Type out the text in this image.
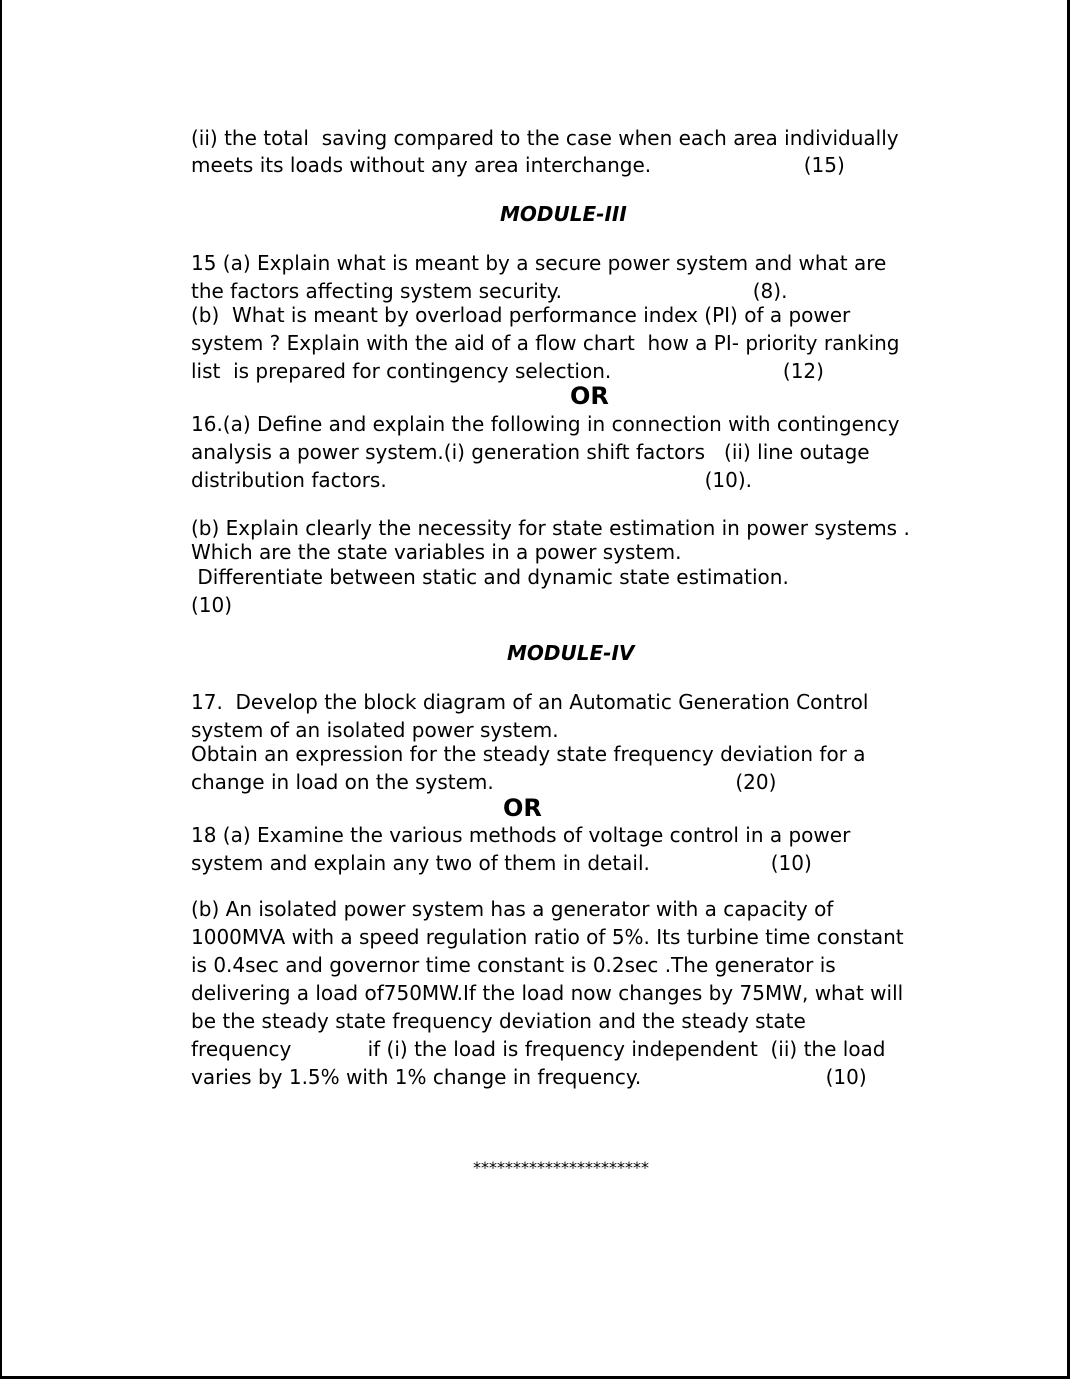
(ii) the total  saving compared to the case when each area individually
meets its loads without any area interchange.                        (15)
MODULE-III
15 (a) Explain what is meant by a secure power system and what are
the factors affecting system security.                              (8).
(b)  What is meant by overload performance index (PI) of a power
system ? Explain with the aid of a flow chart  how a PI- priority ranking
list  is prepared for contingency selection.                           (12)
OR
16.(a) Define and explain the following in connection with contingency
analysis a power system.(i) generation shift factors   (ii) line outage
distribution factors.                                                  (10).
(b) Explain clearly the necessity for state estimation in power systems .
Which are the state variables in a power system.
Differentiate between static and dynamic state estimation.
(10)
MODULE-IV
17.  Develop the block diagram of an Automatic Generation Control
system of an isolated power system.
Obtain an expression for the steady state frequency deviation for a
change in load on the system.                                      (20)
OR
18 (a) Examine the various methods of voltage control in a power
system and explain any two of them in detail.                   (10)
(b) An isolated power system has a generator with a capacity of
1000MVA with a speed regulation ratio of 5%. Its turbine time constant
is 0.4sec and governor time constant is 0.2sec .The generator is
delivering a load of750MW.If the load now changes by 75MW, what will
be the steady state frequency deviation and the steady state
frequency            if (i) the load is frequency independent  (ii) the load
varies by 1.5% with 1% change in frequency.                             (10)
**********************
